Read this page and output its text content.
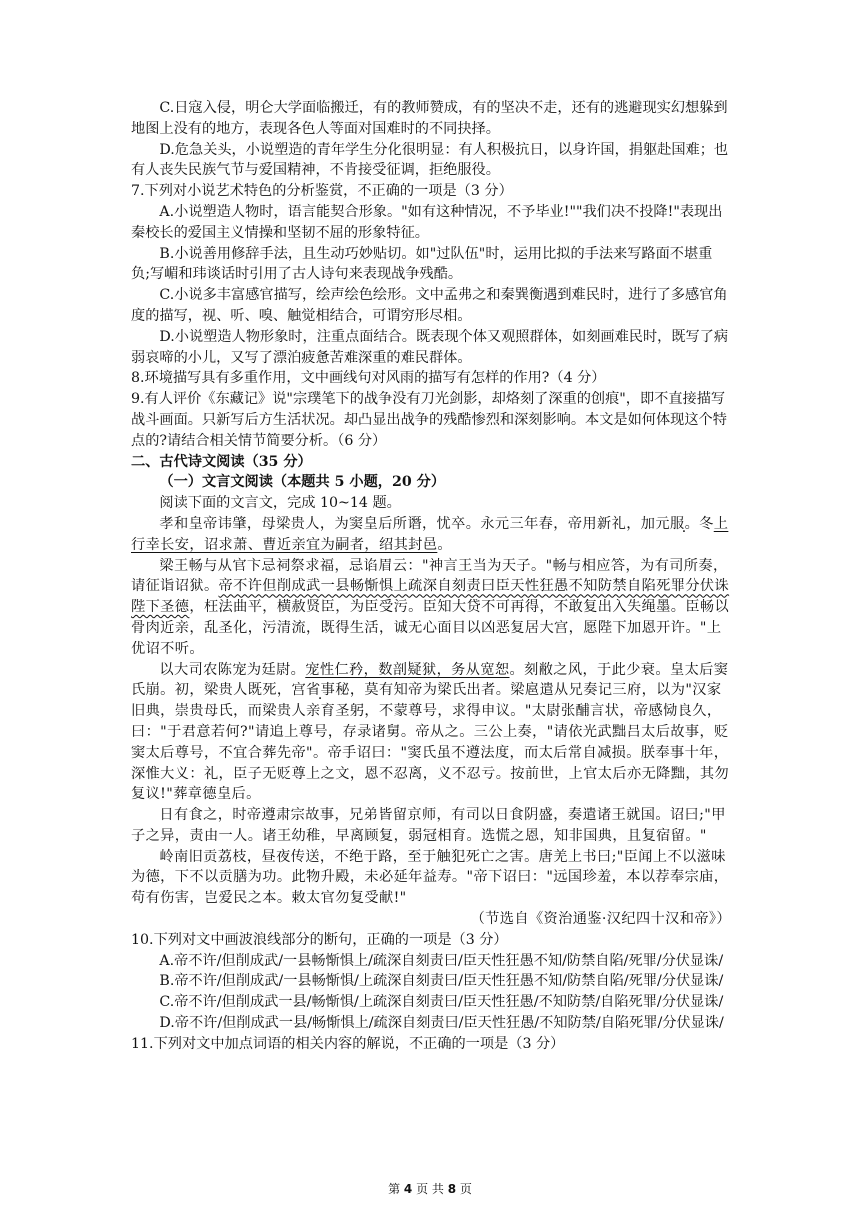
C.日寇入侵，明仑大学面临搬迁，有的教师赞成，有的坚决不走，还有的逃避现实幻想躲到地图上没有的地方，表现各色人等面对国难时的不同抉择。

D.危急关头，小说塑造的青年学生分化很明显：有人积极抗日，以身许国，捐躯赴国难；也有人丧失民族气节与爱国精神，不肯接受征调，拒绝服役。

7.下列对小说艺术特色的分析鉴赏，不正确的一项是（3 分）

A.小说塑造人物时，语言能契合形象。"如有这种情况，不予毕业!""我们决不投降!"表现出秦校长的爱国主义情操和坚韧不屈的形象特征。

B.小说善用修辞手法，且生动巧妙贴切。如"过队伍"时，运用比拟的手法来写路面不堪重负;写嵋和玮谈话时引用了古人诗句来表现战争残酷。

C.小说多丰富感官描写，绘声绘色绘形。文中孟弗之和秦巽衡遇到难民时，进行了多感官角度的描写，视、听、嗅、触觉相结合，可谓穷形尽相。

D.小说塑造人物形象时，注重点面结合。既表现个体又观照群体，如刻画难民时，既写了病弱哀啼的小儿，又写了漂泊疲惫苦难深重的难民群体。

8.环境描写具有多重作用，文中画线句对风雨的描写有怎样的作用?（4 分）

9.有人评价《东藏记》说"宗璞笔下的战争没有刀光剑影，却烙刻了深重的创痕"，即不直接描写战斗画面。只新写后方生活状况。却凸显出战争的残酷惨烈和深刻影响。本文是如何体现这个特点的?请结合相关情节简要分析。（6 分）

二、古代诗文阅读（35 分）

（一）文言文阅读（本题共 5 小题，20 分）

阅读下面的文言文，完成 10~14 题。

孝和皇帝讳肇，母梁贵人，为窦皇后所谮，忧卒。永元三年春，帝用新礼，加元服。冬上行幸长安，诏求萧、曹近亲宜为嗣者，绍其封邑。

梁王畅与从官卞忌祠祭求福，忌谄眉云："神言王当为天子。"畅与相应答，为有司所奏，请征诣诏狱。帝不许但削成武一县畅惭惧上疏深自刻责曰臣天性狂愚不知防禁自陷死罪分伏诛陛下圣德，枉法曲平，横赦贤臣，为臣受污。臣知大贷不可再得，不敢复出入失绳墨。臣畅以骨肉近亲，乱圣化，污清流，既得生活，诚无心面目以凶恶复居大宫，愿陛下加恩开许。"上优诏不听。

以大司农陈宠为廷尉。宠性仁矜，数剖疑狱，务从宽恕。刻敝之风，于此少衰。皇太后窦氏崩。初，梁贵人既死，宫省事秘，莫有知帝为梁氏出者。梁扈遣从兄奏记三府，以为"汉家旧典，崇贵母氏，而梁贵人亲育圣躬，不蒙尊号，求得申议。"太尉张酺言状，帝感恸良久，曰："于君意若何?"请追上尊号，存录诸舅。帝从之。三公上奏，"请依光武黜吕太后故事，贬窦太后尊号，不宜合葬先帝"。帝手诏曰："窦氏虽不遵法度，而太后常自减损。朕奉事十年，深惟大义：礼，臣子无贬尊上之文，恩不忍离，义不忍亏。按前世，上官太后亦无降黜，其勿复议!"葬章德皇后。

日有食之，时帝遵肃宗故事，兄弟皆留京师，有司以日食阴盛，奏遣诸王就国。诏曰;"甲子之异，责由一人。诸王幼稚，早离顾复，弱冠相育。选慌之恩，知非国典，且复宿留。"

岭南旧贡荔枝，昼夜传送，不绝于路，至于触犯死亡之害。唐羌上书曰;"臣闻上不以滋味为德，下不以贡膳为功。此物升殿，未必延年益寿。"帝下诏曰："远国珍羞，本以荐奉宗庙，苟有伤害，岂爱民之本。敕太官勿复受献!"

（节选自《资治通鉴·汉纪四十汉和帝》）

10.下列对文中画波浪线部分的断句，正确的一项是（3 分）

A.帝不许/但削成武/一县畅惭惧上/疏深自刻责曰/臣天性狂愚不知/防禁自陷/死罪/分伏显诛/

B.帝不许/但削成武/一县畅惭惧/上疏深自刻责曰/臣天性狂愚不知/防禁自陷/死罪/分伏显诛/

C.帝不许/但削成武一县/畅惭惧/上疏深自刻责曰/臣天性狂愚/不知防禁/自陷死罪/分伏显诛/

D.帝不许/但削成武一县/畅惭惧上/疏深自刻责曰/臣天性狂愚/不知防禁/自陷死罪/分伏显诛/

11.下列对文中加点词语的相关内容的解说，不正确的一项是（3 分）

第 4 页 共 8 页
